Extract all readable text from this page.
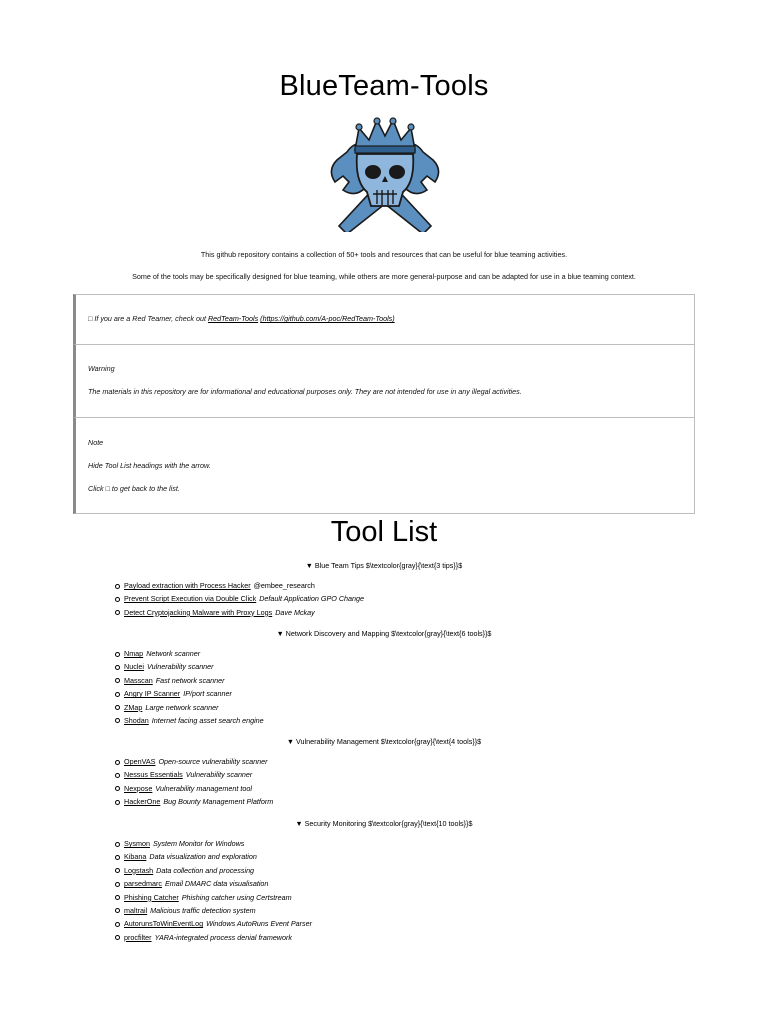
BlueTeam-Tools

This github repository contains a collection of 50+ tools and resources that can be useful for blue teaming activities.

Some of the tools may be specifically designed for blue teaming, while others are more general-purpose and can be adapted for use in a blue teaming context.

□ If you are a Red Teamer, check out RedTeam-Tools (https://github.com/A-poc/RedTeam-Tools)

Warning

The materials in this repository are for informational and educational purposes only. They are not intended for use in any illegal activities.

Note

Hide Tool List headings with the arrow.

Click □ to get back to the list.

Tool List

▼ Blue Team Tips $\textcolor{gray}{\text{3 tips}}$

Payload extraction with Process Hacker @embee_research
Prevent Script Execution via Double Click Default Application GPO Change
Detect Cryptojacking Malware with Proxy Logs Dave Mckay

▼ Network Discovery and Mapping $\textcolor{gray}{\text{6 tools}}$

Nmap Network scanner
Nuclei Vulnerability scanner
Masscan Fast network scanner
Angry IP Scanner IP/port scanner
ZMap Large network scanner
Shodan Internet facing asset search engine

▼ Vulnerability Management $\textcolor{gray}{\text{4 tools}}$

OpenVAS Open-source vulnerability scanner
Nessus Essentials Vulnerability scanner
Nexpose Vulnerability management tool
HackerOne Bug Bounty Management Platform

▼ Security Monitoring $\textcolor{gray}{\text{10 tools}}$

Sysmon System Monitor for Windows
Kibana Data visualization and exploration
Logstash Data collection and processing
parsedmarc Email DMARC data visualisation
Phishing Catcher Phishing catcher using Certstream
maltrail Malicious traffic detection system
AutorunsToWinEventLog Windows AutoRuns Event Parser
procfilter YARA-integrated process denial framework
